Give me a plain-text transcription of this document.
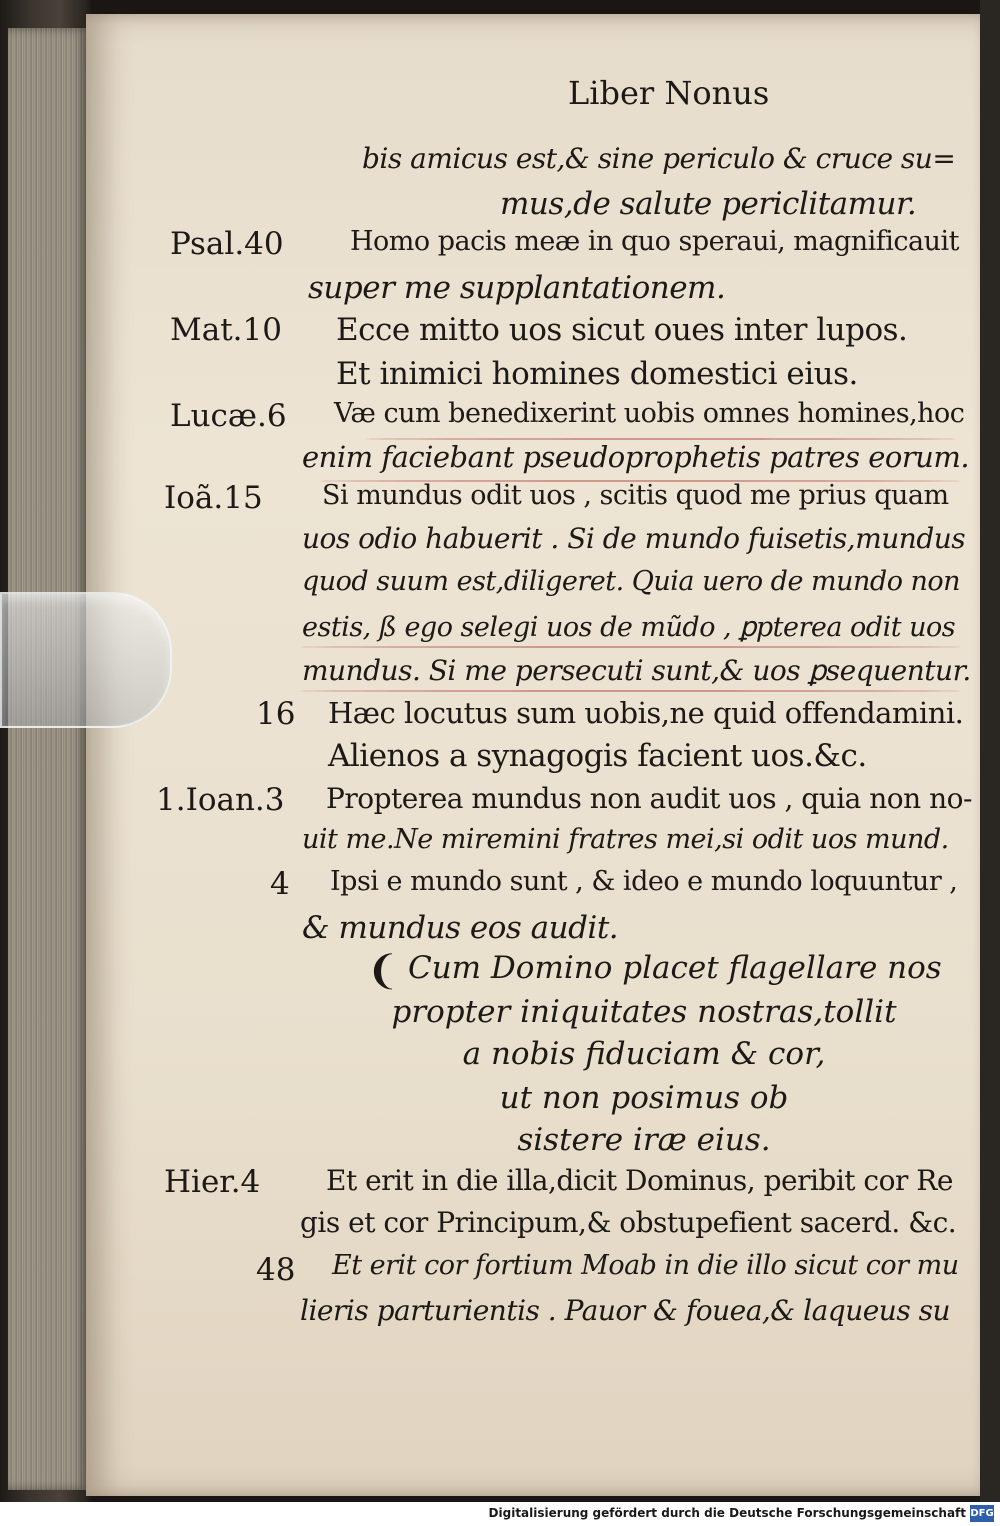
Liber Nonus

Psal.40

Mat.10

Lucæ.6

Ioã.15

16

1.Ioan.3

4

Hier.4

48

bis amicus est,& sine periculo & cruce su=

mus,de salute periclitamur.

Homo pacis meæ in quo speraui, magnificauit

super me supplantationem.

Ecce mitto uos sicut oues inter lupos.

Et inimici homines domestici eius.

Væ cum benedixerint uobis omnes homines,hoc

enim faciebant pseudoprophetis patres eorum.

Si mundus odit uos , scitis quod me prius quam

uos odio habuerit . Si de mundo fuisetis,mundus

quod suum est,diligeret. Quia uero de mundo non

estis, ß ego selegi uos de mũdo , ꝑpterea odit uos

mundus. Si me persecuti sunt,& uos ꝑsequentur.

Hæc locutus sum uobis,ne quid offendamini.

Alienos a synagogis facient uos.&c.

Propterea mundus non audit uos , quia non no-

uit me.Ne miremini fratres mei,si odit uos mund.

Ipsi e mundo sunt , & ideo e mundo loquuntur ,

& mundus eos audit.

❨ Cum Domino placet flagellare nos

propter iniquitates nostras,tollit

a nobis fiduciam & cor,

ut non posimus ob

sistere iræ eius.

Et erit in die illa,dicit Dominus, peribit cor Re

gis et cor Principum,& obstupefient sacerd. &c.

Et erit cor fortium Moab in die illo sicut cor mu

lieris parturientis . Pauor & fouea,& laqueus su

Digitalisierung gefördert durch die Deutsche Forschungsgemeinschaft DFG
